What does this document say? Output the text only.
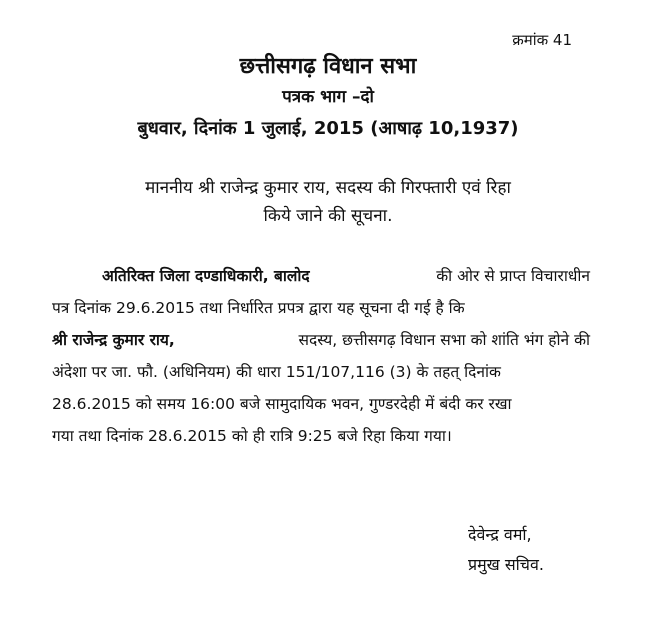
क्रमांक 41
छत्तीसगढ़ विधान सभा
पत्रक भाग –दो
बुधवार, दिनांक 1 जुलाई, 2015 (आषाढ़ 10,1937)
माननीय श्री राजेन्द्र कुमार राय, सदस्य की गिरफ्तारी एवं रिहा
किये जाने की सूचना.
अतिरिक्त जिला दण्डाधिकारी, बालोद	की ओर से प्राप्त विचाराधीन
पत्र दिनांक 29.6.2015 तथा निर्धारित प्रपत्र द्वारा यह सूचना दी गई है कि
श्री राजेन्द्र कुमार राय,	सदस्य, छत्तीसगढ़ विधान सभा को शांति भंग होने की
अंदेशा पर जा. फौ. (अधिनियम) की धारा 151/107,116 (3) के तहत् दिनांक
28.6.2015 को समय 16:00 बजे सामुदायिक भवन, गुण्डरदेही में बंदी कर रखा
गया तथा दिनांक 28.6.2015 को ही रात्रि 9:25 बजे रिहा किया गया।
देवेन्द्र वर्मा,
प्रमुख सचिव.
